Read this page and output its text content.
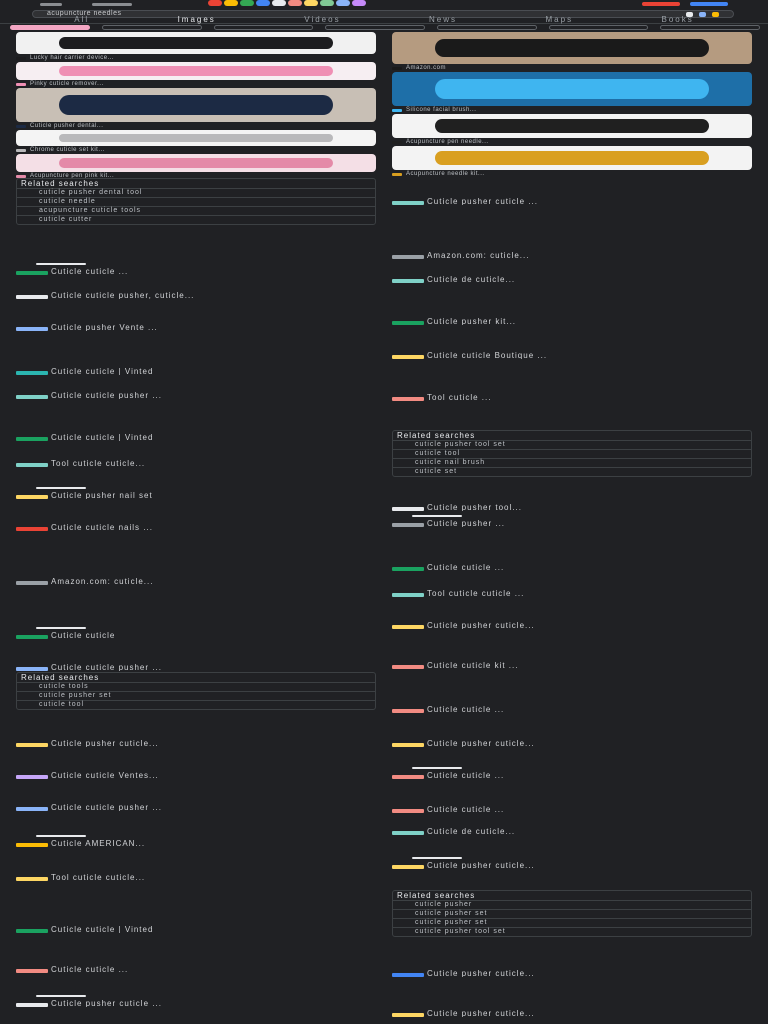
acupuncture needles
All	Images	Videos	News	Maps	Books
Lucky hair carrier device...
Pinky cuticle remover...
Cuticle pusher dental...
Chrome cuticle set kit...
Acupuncture pen pink kit...
Amazon.com
Silicone facial brush...
Acupuncture pen needle...
Acupuncture needle kit...
Related searches
cuticle pusher dental tool
cuticle needle
acupuncture cuticle tools
cuticle cutter
Related searches
cuticle pusher tool set
cuticle tool
cuticle nail brush
cuticle set
Related searches
cuticle tools
cuticle pusher set
cuticle tool
Related searches
cuticle pusher
cuticle pusher set
cuticle pusher set
cuticle pusher tool set
Cuticle cuticle ...
Cuticle cuticle pusher, cuticle...
Cuticle pusher Vente ...
Cuticle cuticle | Vinted
Cuticle cuticle pusher ...
Cuticle cuticle | Vinted
Tool cuticle cuticle...
Cuticle pusher nail set
Cuticle cuticle nails ...
Amazon.com: cuticle...
Cuticle cuticle
Cuticle cuticle pusher ...
Cuticle pusher cuticle...
Cuticle cuticle Ventes...
Cuticle cuticle pusher ...
Cuticle AMERICAN...
Tool cuticle cuticle...
Cuticle cuticle | Vinted
Cuticle cuticle ...
Cuticle pusher cuticle ...
Cuticle pusher cuticle ...
Amazon.com: cuticle...
Cuticle de cuticle...
Cuticle pusher kit...
Cuticle cuticle Boutique ...
Tool cuticle ...
Cuticle pusher tool...
Cuticle pusher ...
Cuticle cuticle ...
Tool cuticle cuticle ...
Cuticle pusher cuticle...
Cuticle cuticle kit ...
Cuticle cuticle ...
Cuticle pusher cuticle...
Cuticle cuticle ...
Cuticle cuticle ...
Cuticle de cuticle...
Cuticle pusher cuticle...
Cuticle pusher cuticle...
Cuticle pusher cuticle...
